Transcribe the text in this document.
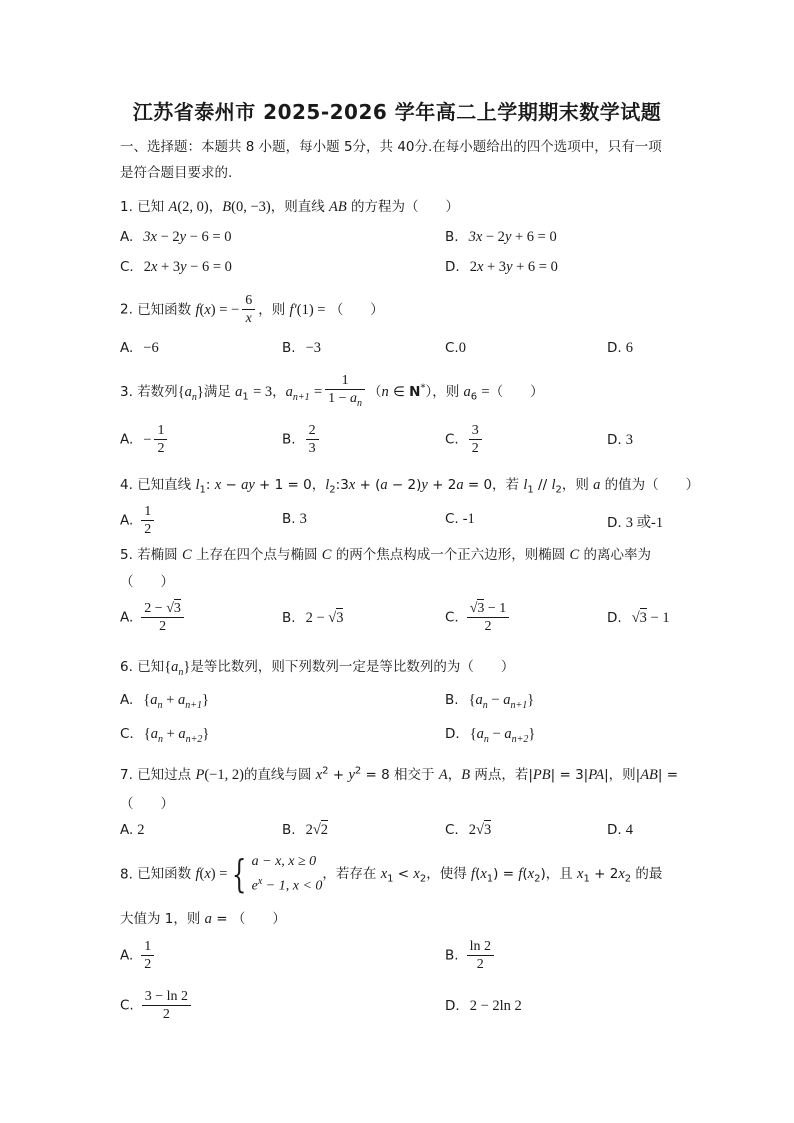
江苏省泰州市 2025-2026 学年高二上学期期末数学试题
一、选择题：本题共 8 小题，每小题 5分，共 40分.在每小题给出的四个选项中，只有一项
是符合题目要求的.
1. 已知 A(2, 0)，B(0, −3)，则直线 AB 的方程为（　　）
A. 3x − 2y − 6 = 0	B. 3x − 2y + 6 = 0
C. 2x + 3y − 6 = 0	D. 2x + 3y + 6 = 0
2. 已知函数 f(x) = − $\frac{6}{x}$ ，则 f′(1) = （　　）
A. −6	B. −3	C.0	D. 6
3. 若数列$\{a_n\}$满足 $a_1 = 3$，$a_{n+1} = \frac{1}{1 - a_n} (n$ ∈ N*），则 $a_6$ =（　　）
A. − $\frac{1}{2}$	B. $\frac{2}{3}$	C. $\frac{3}{2}$	D. 3
4. 已知直线 $l_1$: x − ay + 1 = 0，$l_2:3x + (a - 2)y + 2a = 0$，若 $l_1 // l_2$，则 a 的值为（　　）
A. $\frac{1}{2}$	B. 3	C. -1	D. 3 或-1
5. 若椭圆 C 上存在四个点与椭圆 C 的两个焦点构成一个正六边形，则椭圆 C 的离心率为
（　　）
A. $\frac{2 - √3}{2}$	B. 2 − √3	C. $\frac{√3 - 1}{2}$	D. √3 − 1
6. 已知$\{a_n\}$是等比数列，则下列数列一定是等比数列的为（　　）
A. $\{a_n + a_{n+1}\}$	B. $\{a_n - a_{n+1}\}$
C. $\{a_n + a_{n+2}\}$	D. $\{a_n - a_{n+2}\}$
7. 已知过点 P(−1, 2)的直线与圆 $x^2 + y^2 = 8$ 相交于 A，B 两点，若|PB| = 3|PA|，则|AB| =
（　　）
A. 2	B. 2√2	C. 2√3	D. 4
8. 已知函数 f(x) = { a − x, x ≥ 0
$e^x - 1$, x < 0
，若存在 $x_1 < x_2$，使得 $f(x_1) = f(x_2)$，且 $x_1 + 2x_2$ 的最
大值为 1，则 a = （　　）
A. $\frac{1}{2}$	B. $\frac{\ln 2}{2}$
C. $\frac{3 - \ln 2}{2}$	D. 2 − 2ln 2
